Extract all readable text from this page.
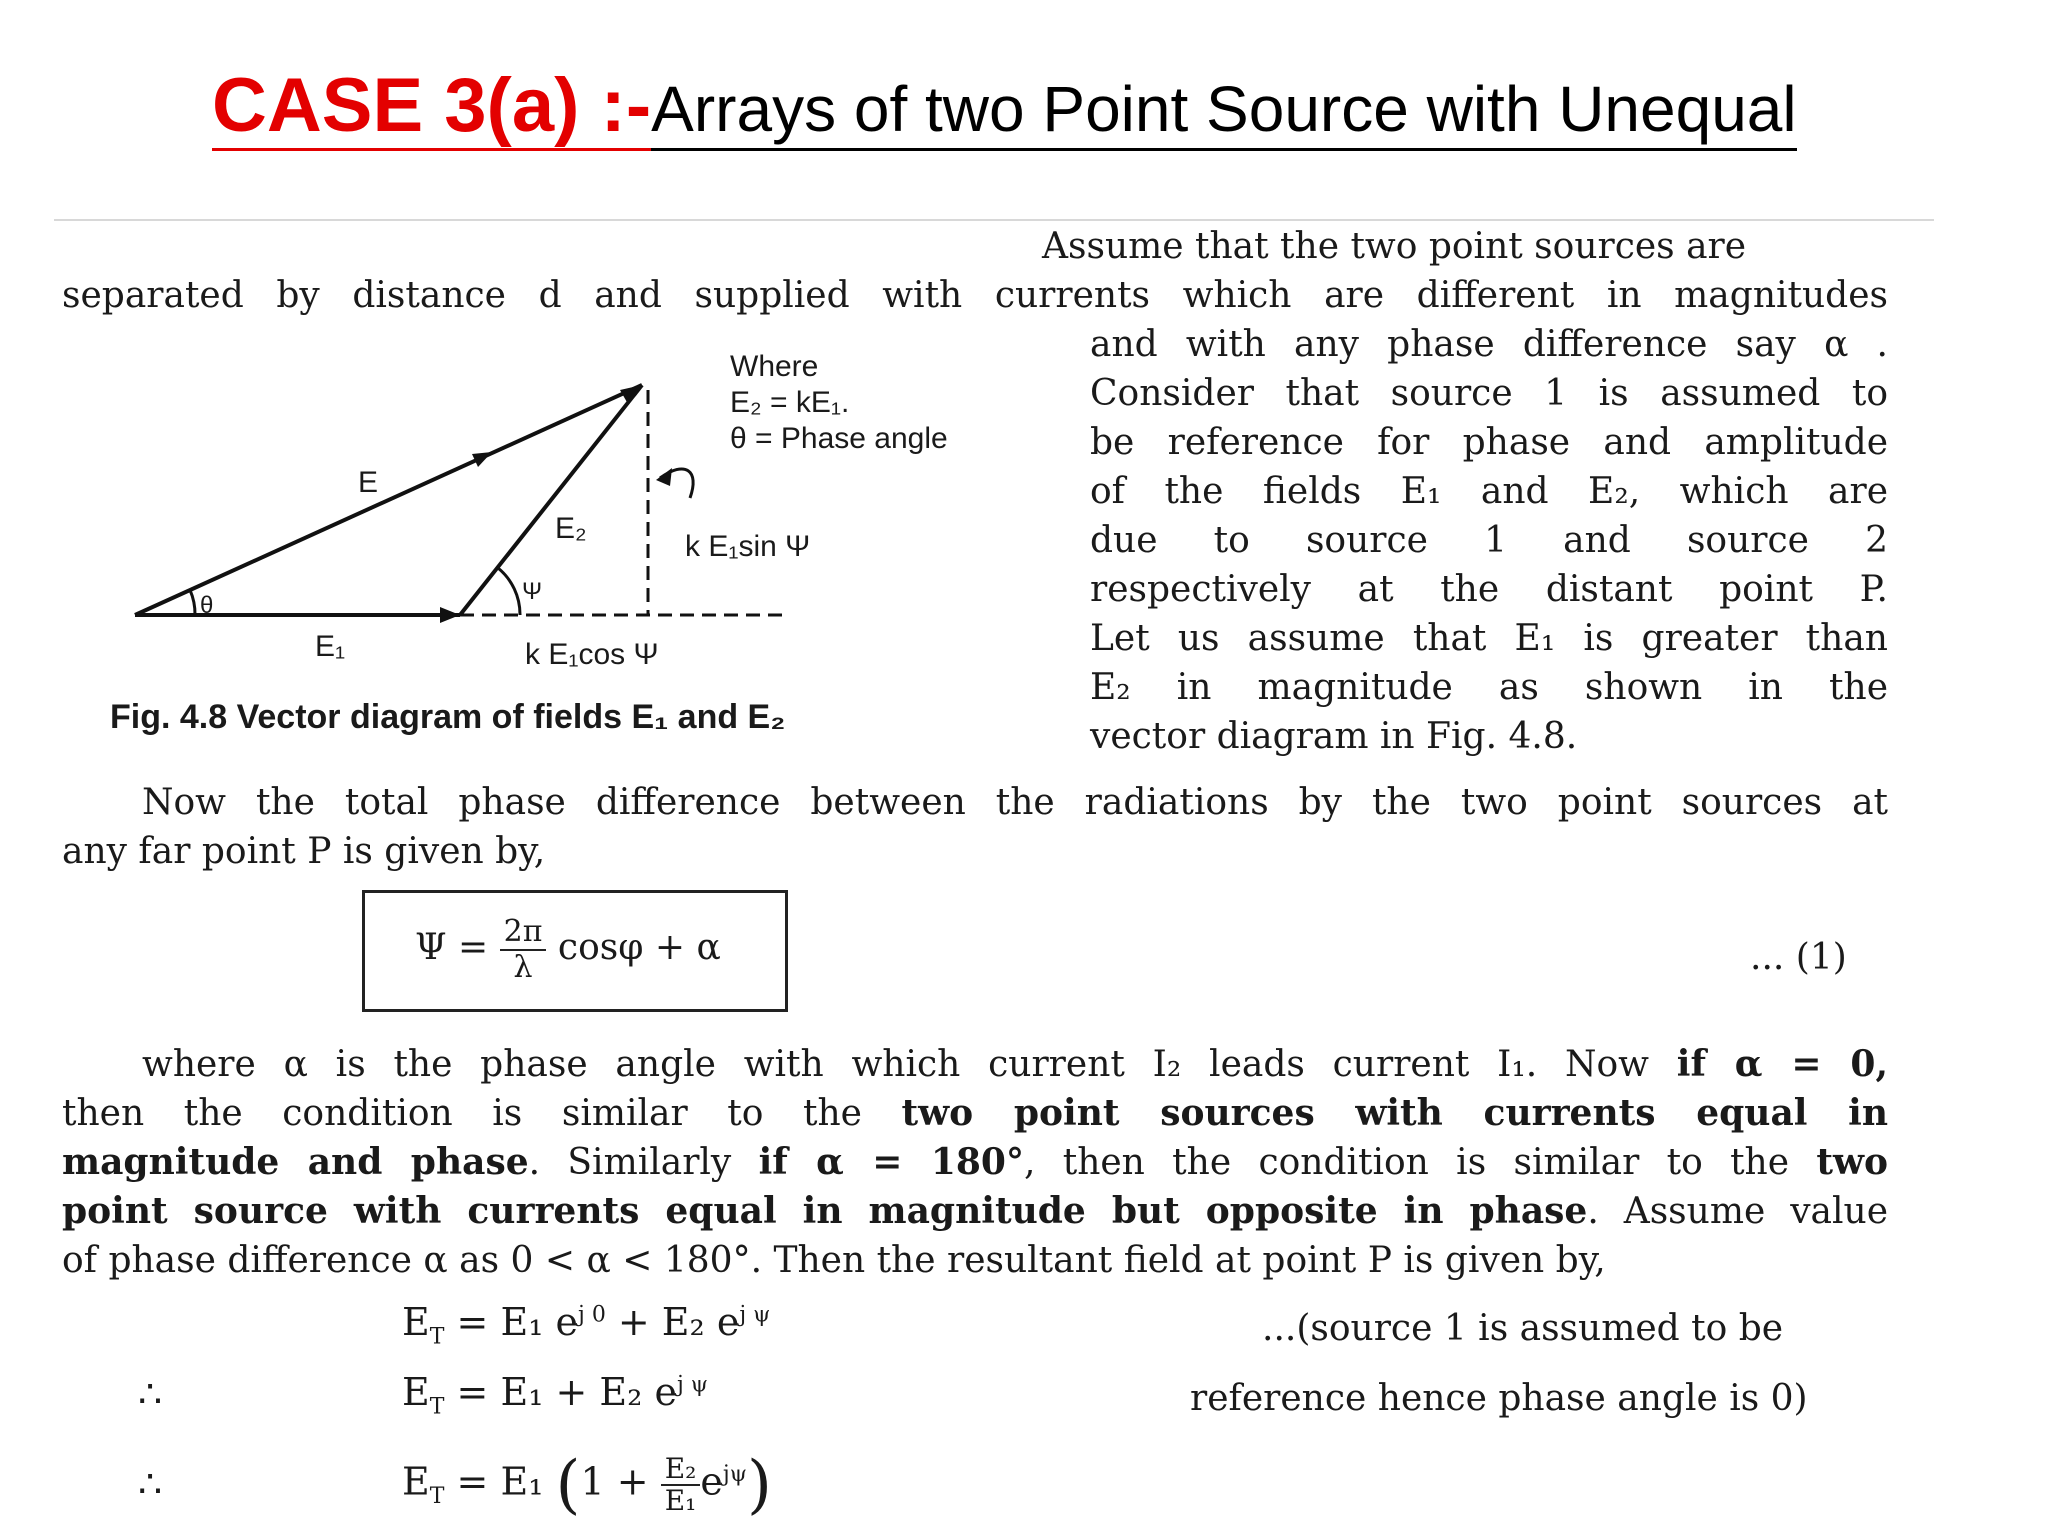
CASE 3(a) :-Arrays of two Point Source with Unequal
Assume that the two point sources are
separated by distance d and supplied with currents which are different in magnitudes
and with any phase difference say α .
Consider that source 1 is assumed to
be reference for phase and amplitude
of the fields E₁ and E₂, which are
due to source 1 and source 2
respectively at the distant point P.
Let us assume that E₁ is greater than
E₂ in magnitude as shown in the
vector diagram in Fig. 4.8.
Where
E₂ = kE₁.
θ = Phase angle
E
E₂
k E₁sin Ψ
θ
Ψ
E₁	k E₁cos Ψ
Fig. 4.8 Vector diagram of fields E₁ and E₂
Now the total phase difference between the radiations by the two point sources at
any far point P is given by,
$\Psi = \frac{2\pi}{\lambda}$ cosφ + α	... (1)
where α is the phase angle with which current I₂ leads current I₁. Now if α = 0,
then the condition is similar to the two point sources with currents equal in
magnitude and phase. Similarly if α = 180°, then the condition is similar to the two
point source with currents equal in magnitude but opposite in phase. Assume value
of phase difference α as 0 < α < 180°. Then the resultant field at point P is given by,
$E_T = E_1$ $e^{j 0} + E_2$ $e^{j \psi}$	...(source 1 is assumed to be
∴	$E_T = E_1 + E_2$ $e^{j \psi}$	reference hence phase angle is 0)
∴	$E_T = E_1$ $(1 + \frac{\text{E₂}}{\text{E₁}} e^{j\psi})$
